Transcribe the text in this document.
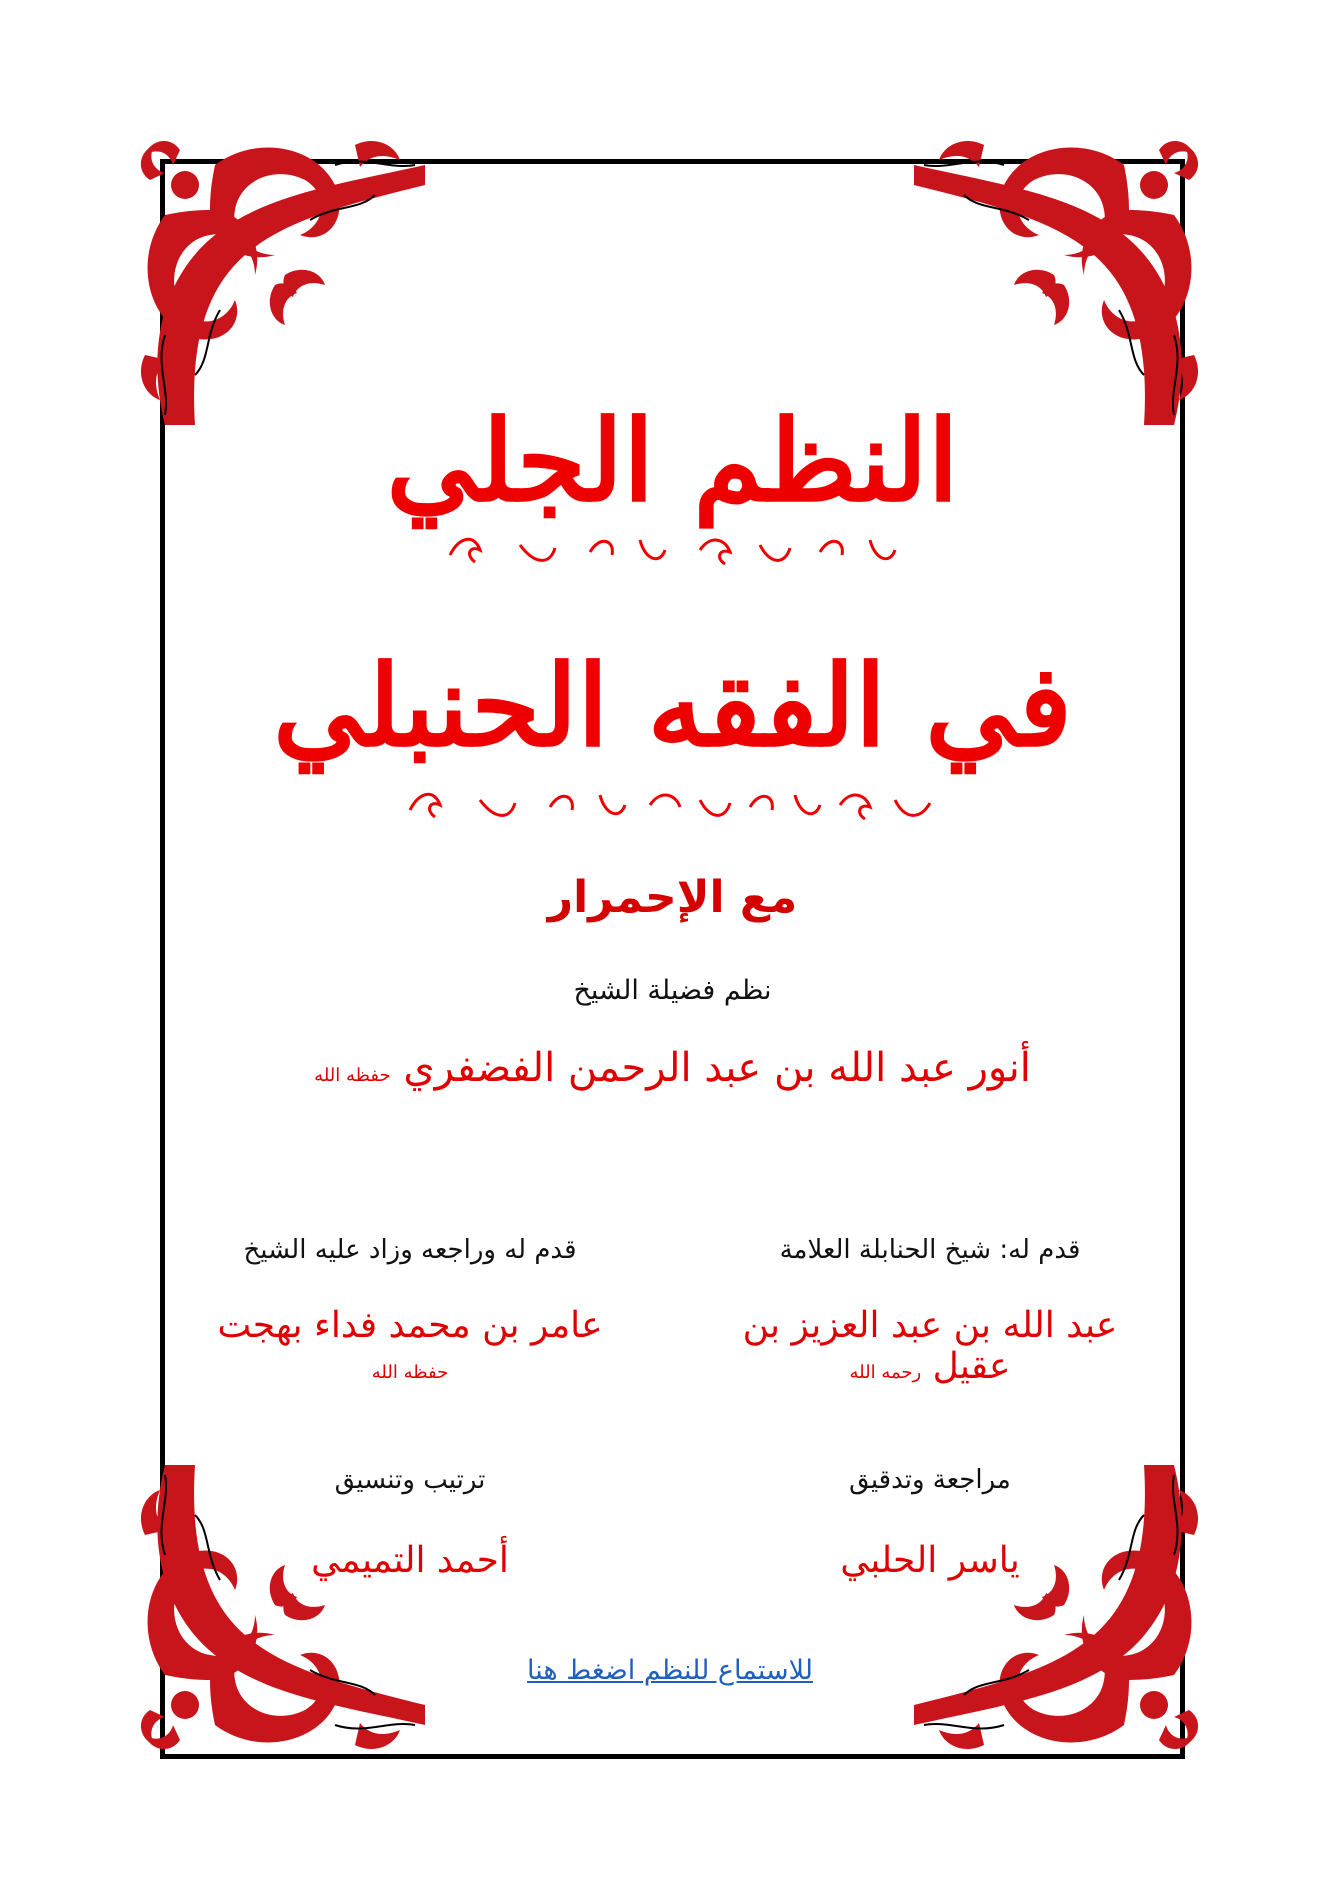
النظم الجلي
في الفقه الحنبلي
مع الإحمرار
نظم فضيلة الشيخ
أنور عبد الله بن عبد الرحمن الفضفري حفظه الله
قدم له: شيخ الحنابلة العلامة
عبد الله بن عبد العزيز بن عقيل رحمه الله
قدم له وراجعه وزاد عليه الشيخ
عامر بن محمد فداء بهجت حفظه الله
مراجعة وتدقيق
ياسر الحلبي
ترتيب وتنسيق
أحمد التميمي
للاستماع للنظم اضغط هنا
